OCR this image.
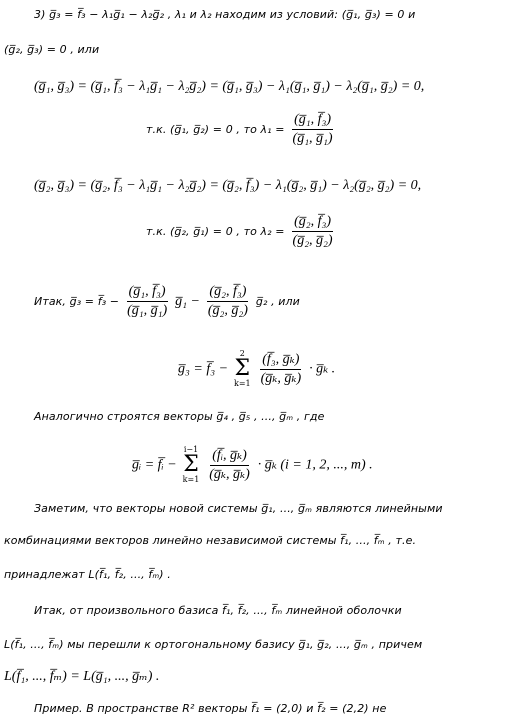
3) g̅₃ = f̅₃ − λ₁g̅₁ − λ₂g̅₂ , λ₁ и λ₂ находим из условий: (g̅₁, g̅₃) = 0 и
(g̅₂, g̅₃) = 0 , или
(g̅₁, g̅₃) = (g̅₁, f̅₃ − λ₁g̅₁ − λ₂g̅₂) = (g̅₁, g̅₃) − λ₁(g̅₁, g̅₁) − λ₂(g̅₁, g̅₂) = 0,
т.к. (g̅₁, g̅₂) = 0 , то $\lambda_1 = \frac{\text{(g̅₁, f̅₃)}}{\text{(g̅₁, g̅₁)}}$
(g̅₂, g̅₃) = (g̅₂, f̅₃ − λ₁g̅₁ − λ₂g̅₂) = (g̅₂, f̅₃) − λ₁(g̅₂, g̅₁) − λ₂(g̅₂, g̅₂) = 0,
т.к. (g̅₂, g̅₁) = 0 , то $\lambda_2 = \frac{\text{(g̅₂, f̅₃)}}{\text{(g̅₂, g̅₂)}}$
Итак, g̅₃ = f̅₃ − $\frac{\text{(g̅₁, f̅₃)}}{\text{(g̅₁, g̅₁)}}$ g̅₁ − $\frac{\text{(g̅₂, f̅₃)}}{\text{(g̅₂, g̅₂)}}$ g̅₂ , или
g̅₃ = f̅₃ −
2
Σ
k=1
$\frac{\text{(f̅₃, g̅ₖ)}}{\text{(g̅ₖ, g̅ₖ)}}$ · g̅ₖ .
Аналогично строятся векторы g̅₄ , g̅₅ , ..., g̅ₘ , где
g̅ᵢ = f̅ᵢ −
i−1
Σ
k=1
$\frac{\text{(f̅ᵢ, g̅ₖ)}}{\text{(g̅ₖ, g̅ₖ)}}$ · g̅ₖ (i = 1, 2, ..., m) .
Заметим, что векторы новой системы g̅₁, ..., g̅ₘ являются линейными
комбинациями векторов линейно независимой системы f̅₁, ..., f̅ₘ , т.е.
принадлежат L(f̅₁, f̅₂, ..., f̅ₘ) .
Итак, от произвольного базиса f̅₁, f̅₂, ..., f̅ₘ линейной оболочки
L(f̅₁, ..., f̅ₘ) мы перешли к ортогональному базису g̅₁, g̅₂, ..., g̅ₘ , причем
L(f̅₁, ..., f̅ₘ) = L(g̅₁, ..., g̅ₘ) .
Пример. В пространстве R² векторы f̅₁ = (2,0) и f̅₂ = (2,2) не
